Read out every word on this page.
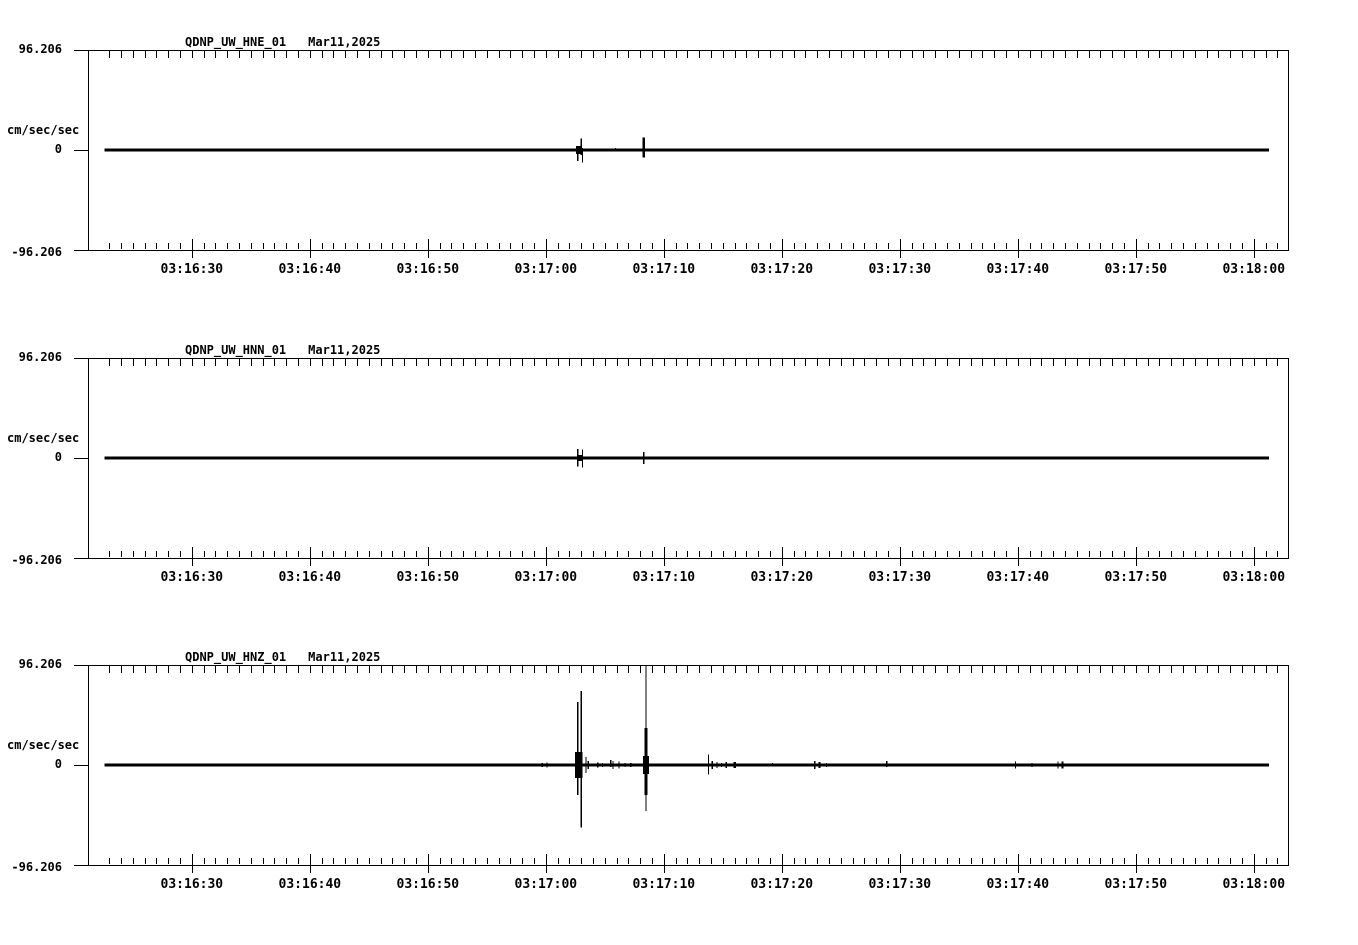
QDNP_UW_HNE_01 Mar11,2025
96.206
cm/sec/sec
0
-96.206
03:16:30	03:16:40	03:16:50	03:17:00	03:17:10	03:17:20	03:17:30	03:17:40	03:17:50	03:18:00
QDNP_UW_HNN_01 Mar11,2025
96.206
cm/sec/sec
0
-96.206
03:16:30	03:16:40	03:16:50	03:17:00	03:17:10	03:17:20	03:17:30	03:17:40	03:17:50	03:18:00
QDNP_UW_HNZ_01 Mar11,2025
96.206
cm/sec/sec
0
-96.206
03:16:30	03:16:40	03:16:50	03:17:00	03:17:10	03:17:20	03:17:30	03:17:40	03:17:50	03:18:00
